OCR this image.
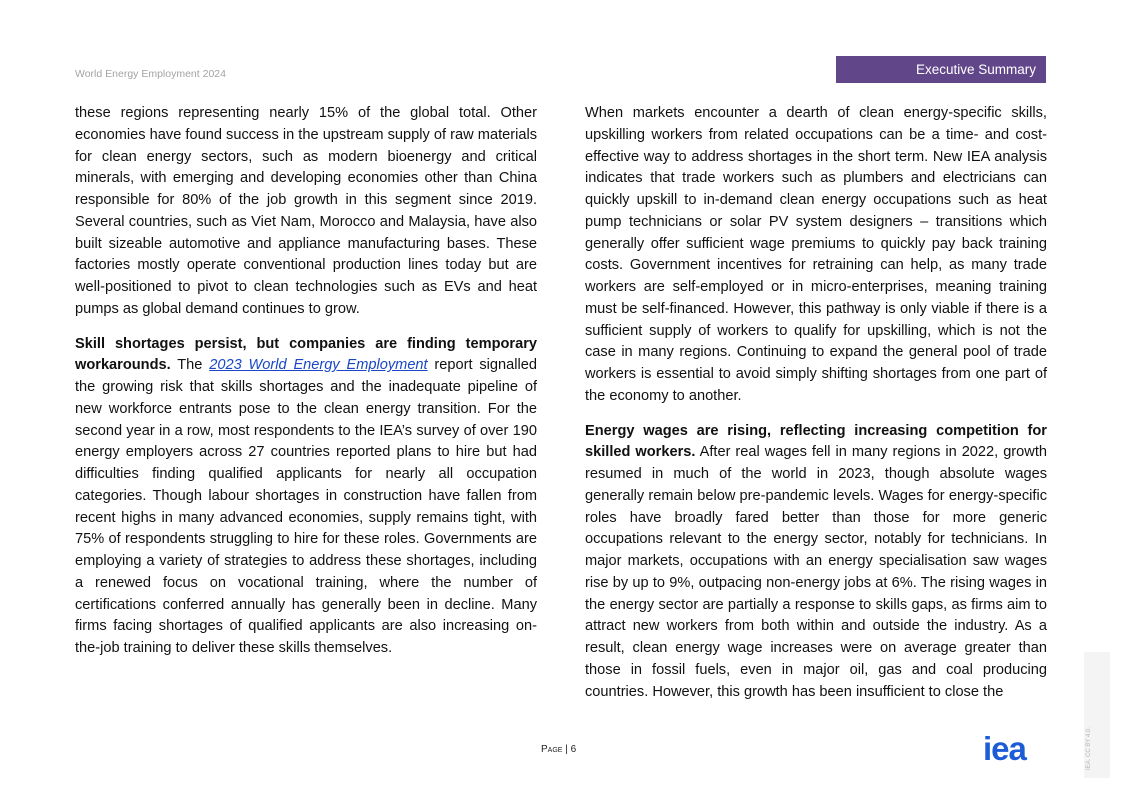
World Energy Employment 2024	Executive Summary

these regions representing nearly 15% of the global total. Other economies have found success in the upstream supply of raw materials for clean energy sectors, such as modern bioenergy and critical minerals, with emerging and developing economies other than China responsible for 80% of the job growth in this segment since 2019. Several countries, such as Viet Nam, Morocco and Malaysia, have also built sizeable automotive and appliance manufacturing bases. These factories mostly operate conventional production lines today but are well-positioned to pivot to clean technologies such as EVs and heat pumps as global demand continues to grow.

Skill shortages persist, but companies are finding temporary workarounds. The 2023 World Energy Employment report signalled the growing risk that skills shortages and the inadequate pipeline of new workforce entrants pose to the clean energy transition. For the second year in a row, most respondents to the IEA’s survey of over 190 energy employers across 27 countries reported plans to hire but had difficulties finding qualified applicants for nearly all occupation categories. Though labour shortages in construction have fallen from recent highs in many advanced economies, supply remains tight, with 75% of respondents struggling to hire for these roles. Governments are employing a variety of strategies to address these shortages, including a renewed focus on vocational training, where the number of certifications conferred annually has generally been in decline. Many firms facing shortages of qualified applicants are also increasing on-the-job training to deliver these skills themselves.

When markets encounter a dearth of clean energy-specific skills, upskilling workers from related occupations can be a time- and cost-effective way to address shortages in the short term. New IEA analysis indicates that trade workers such as plumbers and electricians can quickly upskill to in-demand clean energy occupations such as heat pump technicians or solar PV system designers – transitions which generally offer sufficient wage premiums to quickly pay back training costs. Government incentives for retraining can help, as many trade workers are self-employed or in micro-enterprises, meaning training must be self-financed. However, this pathway is only viable if there is a sufficient supply of workers to qualify for upskilling, which is not the case in many regions. Continuing to expand the general pool of trade workers is essential to avoid simply shifting shortages from one part of the economy to another.

Energy wages are rising, reflecting increasing competition for skilled workers. After real wages fell in many regions in 2022, growth resumed in much of the world in 2023, though absolute wages generally remain below pre-pandemic levels. Wages for energy-specific roles have broadly fared better than those for more generic occupations relevant to the energy sector, notably for technicians. In major markets, occupations with an energy specialisation saw wages rise by up to 9%, outpacing non-energy jobs at 6%. The rising wages in the energy sector are partially a response to skills gaps, as firms aim to attract new workers from both within and outside the industry. As a result, clean energy wage increases were on average greater than those in fossil fuels, even in major oil, gas and coal producing countries. However, this growth has been insufficient to close the

Page | 6	iea	IEA. CC BY 4.0.
